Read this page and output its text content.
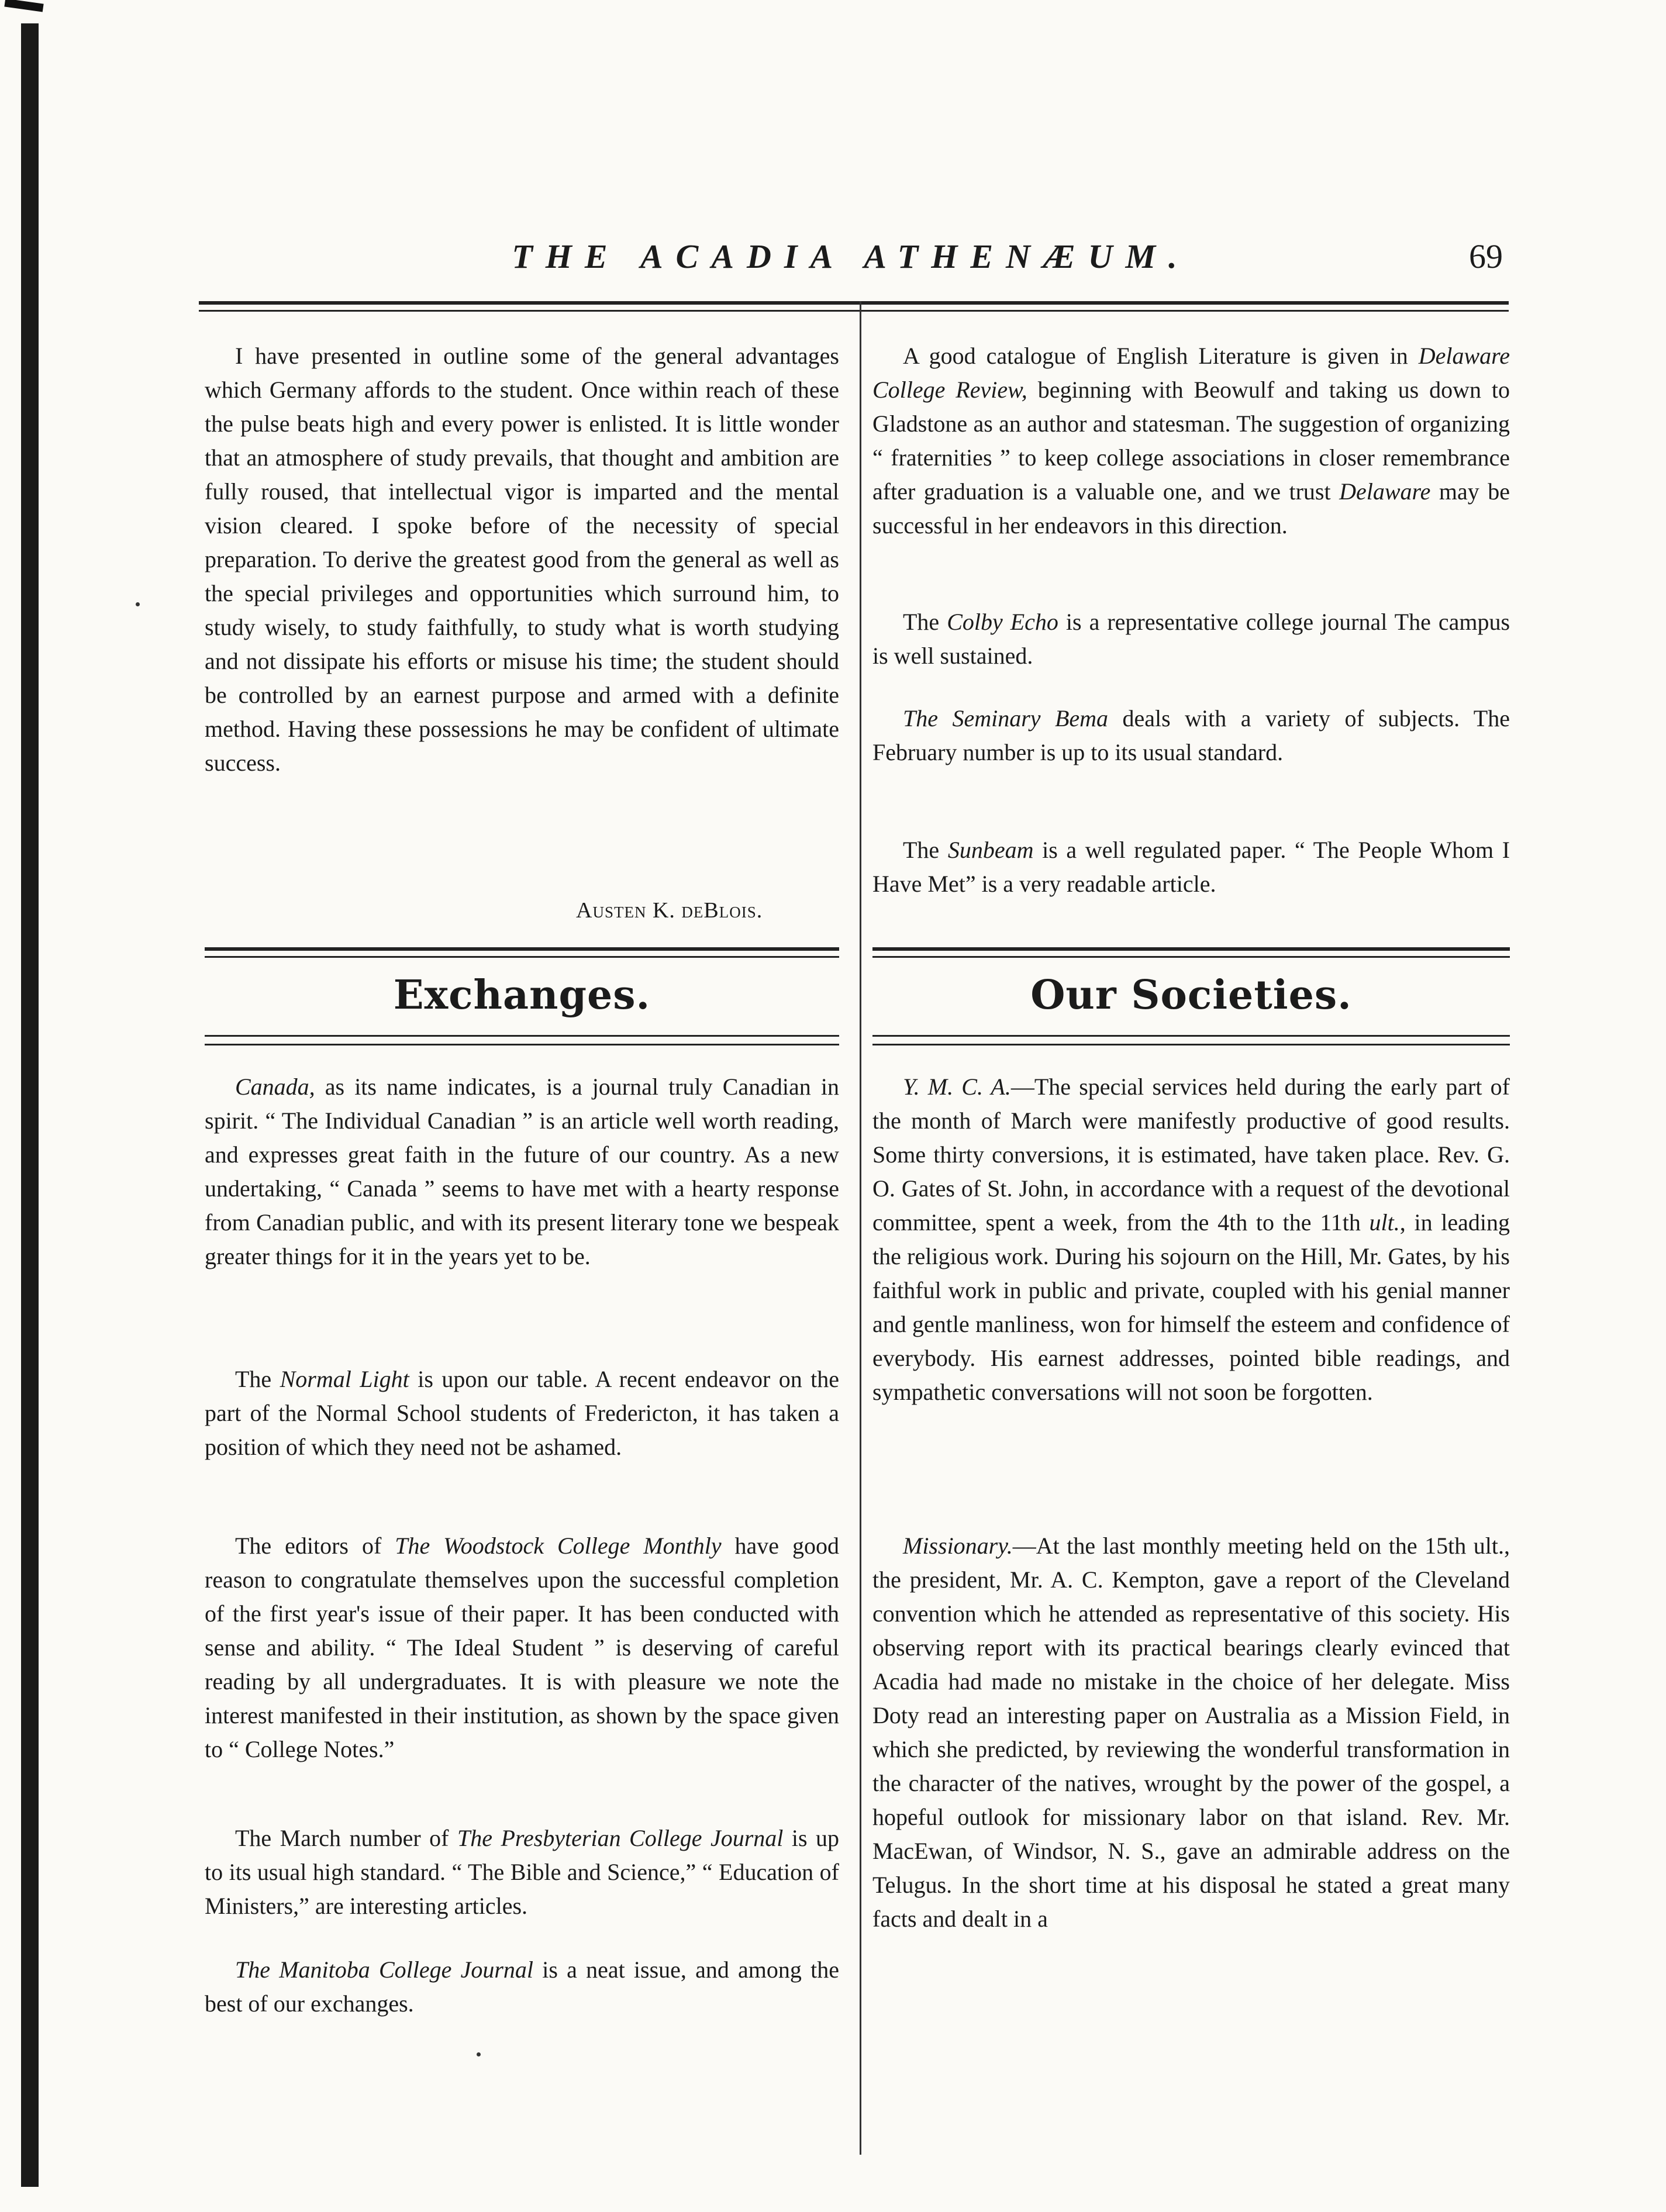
THE ACADIA ATHENÆUM.	69

I have presented in outline some of the general advantages which Germany affords to the student. Once within reach of these the pulse beats high and every power is enlisted. It is little wonder that an atmosphere of study prevails, that thought and ambition are fully roused, that intellectual vigor is imparted and the mental vision cleared. I spoke before of the necessity of special preparation. To derive the greatest good from the general as well as the special privileges and opportunities which surround him, to study wisely, to study faithfully, to study what is worth studying and not dissipate his efforts or misuse his time; the student should be controlled by an earnest purpose and armed with a definite method. Having these possessions he may be confident of ultimate success.

Austen K. deBlois.
Exchanges.

Canada, as its name indicates, is a journal truly Canadian in spirit. “ The Individual Canadian ” is an article well worth reading, and expresses great faith in the future of our country. As a new undertaking, “ Canada ” seems to have met with a hearty response from Canadian public, and with its present literary tone we bespeak greater things for it in the years yet to be.

The Normal Light is upon our table. A recent endeavor on the part of the Normal School students of Fredericton, it has taken a position of which they need not be ashamed.

The editors of The Woodstock College Monthly have good reason to congratulate themselves upon the successful completion of the first year's issue of their paper. It has been conducted with sense and ability. “ The Ideal Student ” is deserving of careful reading by all undergraduates. It is with pleasure we note the interest manifested in their institution, as shown by the space given to “ College Notes.”

The March number of The Presbyterian College Journal is up to its usual high standard. “ The Bible and Science,” “ Education of Ministers,” are interesting articles.

The Manitoba College Journal is a neat issue, and among the best of our exchanges.

A good catalogue of English Literature is given in Delaware College Review, beginning with Beowulf and taking us down to Gladstone as an author and statesman. The suggestion of organizing “ fraternities ” to keep college associations in closer remembrance after graduation is a valuable one, and we trust Delaware may be successful in her endeavors in this direction.

The Colby Echo is a representative college journal The campus is well sustained.

The Seminary Bema deals with a variety of subjects. The February number is up to its usual standard.

The Sunbeam is a well regulated paper. “ The People Whom I Have Met” is a very readable article.

Our Societies.

Y. M. C. A.—The special services held during the early part of the month of March were manifestly productive of good results. Some thirty conversions, it is estimated, have taken place. Rev. G. O. Gates of St. John, in accordance with a request of the devotional committee, spent a week, from the 4th to the 11th ult., in leading the religious work. During his sojourn on the Hill, Mr. Gates, by his faithful work in public and private, coupled with his genial manner and gentle manliness, won for himself the esteem and confidence of everybody. His earnest addresses, pointed bible readings, and sympathetic conversations will not soon be forgotten.

Missionary.—At the last monthly meeting held on the 15th ult., the president, Mr. A. C. Kempton, gave a report of the Cleveland convention which he attended as representative of this society. His observing report with its practical bearings clearly evinced that Acadia had made no mistake in the choice of her delegate. Miss Doty read an interesting paper on Australia as a Mission Field, in which she predicted, by reviewing the wonderful transformation in the character of the natives, wrought by the power of the gospel, a hopeful outlook for missionary labor on that island. Rev. Mr. MacEwan, of Windsor, N. S., gave an admirable address on the Telugus. In the short time at his disposal he stated a great many facts and dealt in a
